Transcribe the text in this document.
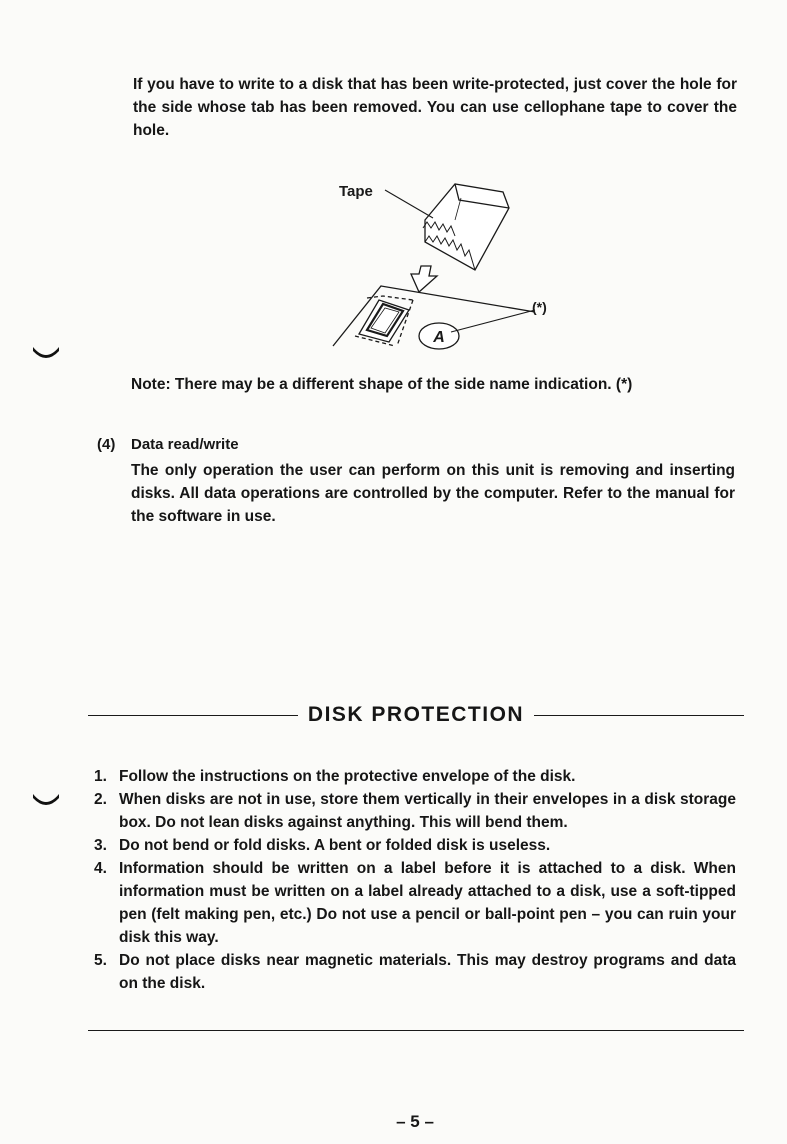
If you have to write to a disk that has been write-protected, just cover the hole for the side whose tab has been removed. You can use cellophane tape to cover the hole.

Tape
(*)
A
Note: There may be a different shape of the side name indication. (*)
(4) Data read/write

The only operation the user can perform on this unit is removing and inserting disks. All data operations are controlled by the computer. Refer to the manual for the software in use.

DISK PROTECTION
1. Follow the instructions on the protective envelope of the disk.
2. When disks are not in use, store them vertically in their envelopes in a disk storage box. Do not lean disks against anything. This will bend them.
3. Do not bend or fold disks. A bent or folded disk is useless.
4. Information should be written on a label before it is attached to a disk. When information must be written on a label already attached to a disk, use a soft-tipped pen (felt making pen, etc.) Do not use a pencil or ball-point pen – you can ruin your disk this way.
5. Do not place disks near magnetic materials. This may destroy programs and data on the disk.
– 5 –
